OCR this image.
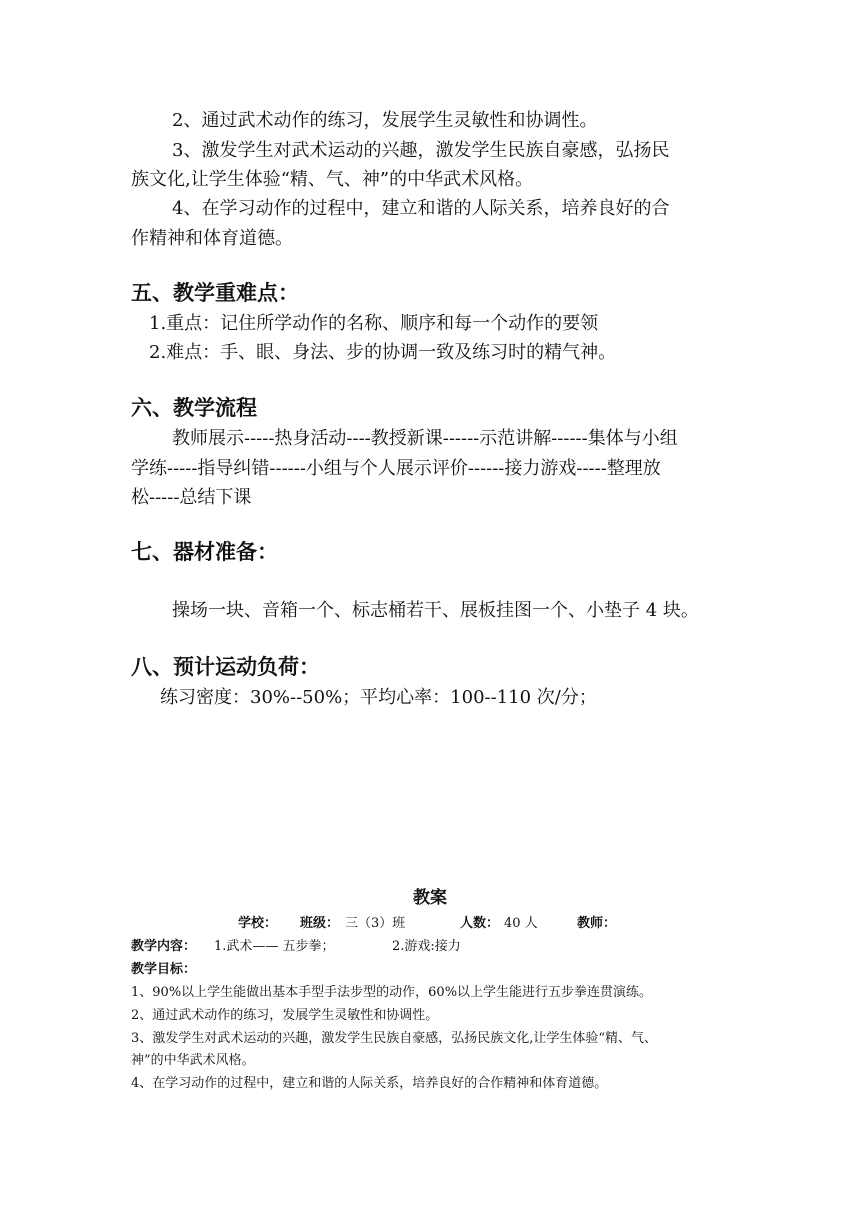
2、通过武术动作的练习，发展学生灵敏性和协调性。
3、激发学生对武术运动的兴趣，激发学生民族自豪感，弘扬民
族文化,让学生体验“精、气、神”的中华武术风格。
4、在学习动作的过程中，建立和谐的人际关系，培养良好的合
作精神和体育道德。
五、教学重难点：
1.重点：记住所学动作的名称、顺序和每一个动作的要领
2.难点：手、眼、身法、步的协调一致及练习时的精气神。
六、教学流程
教师展示-----热身活动----教授新课------示范讲解------集体与小组
学练-----指导纠错------小组与个人展示评价------接力游戏-----整理放
松-----总结下课
七、器材准备：
操场一块、音箱一个、标志桶若干、展板挂图一个、小垫子 4 块。
八、预计运动负荷：
练习密度：30%--50%；平均心率：100--110 次/分；
教案
学校： 班级： 三（3）班	人数： 40 人	教师：
教学内容： 1.武术—— 五步拳；	2.游戏:接力
教学目标：
1、90%以上学生能做出基本手型手法步型的动作，60%以上学生能进行五步拳连贯演练。
2、通过武术动作的练习，发展学生灵敏性和协调性。
3、激发学生对武术运动的兴趣，激发学生民族自豪感，弘扬民族文化,让学生体验“精、气、
神”的中华武术风格。
4、在学习动作的过程中，建立和谐的人际关系，培养良好的合作精神和体育道德。
